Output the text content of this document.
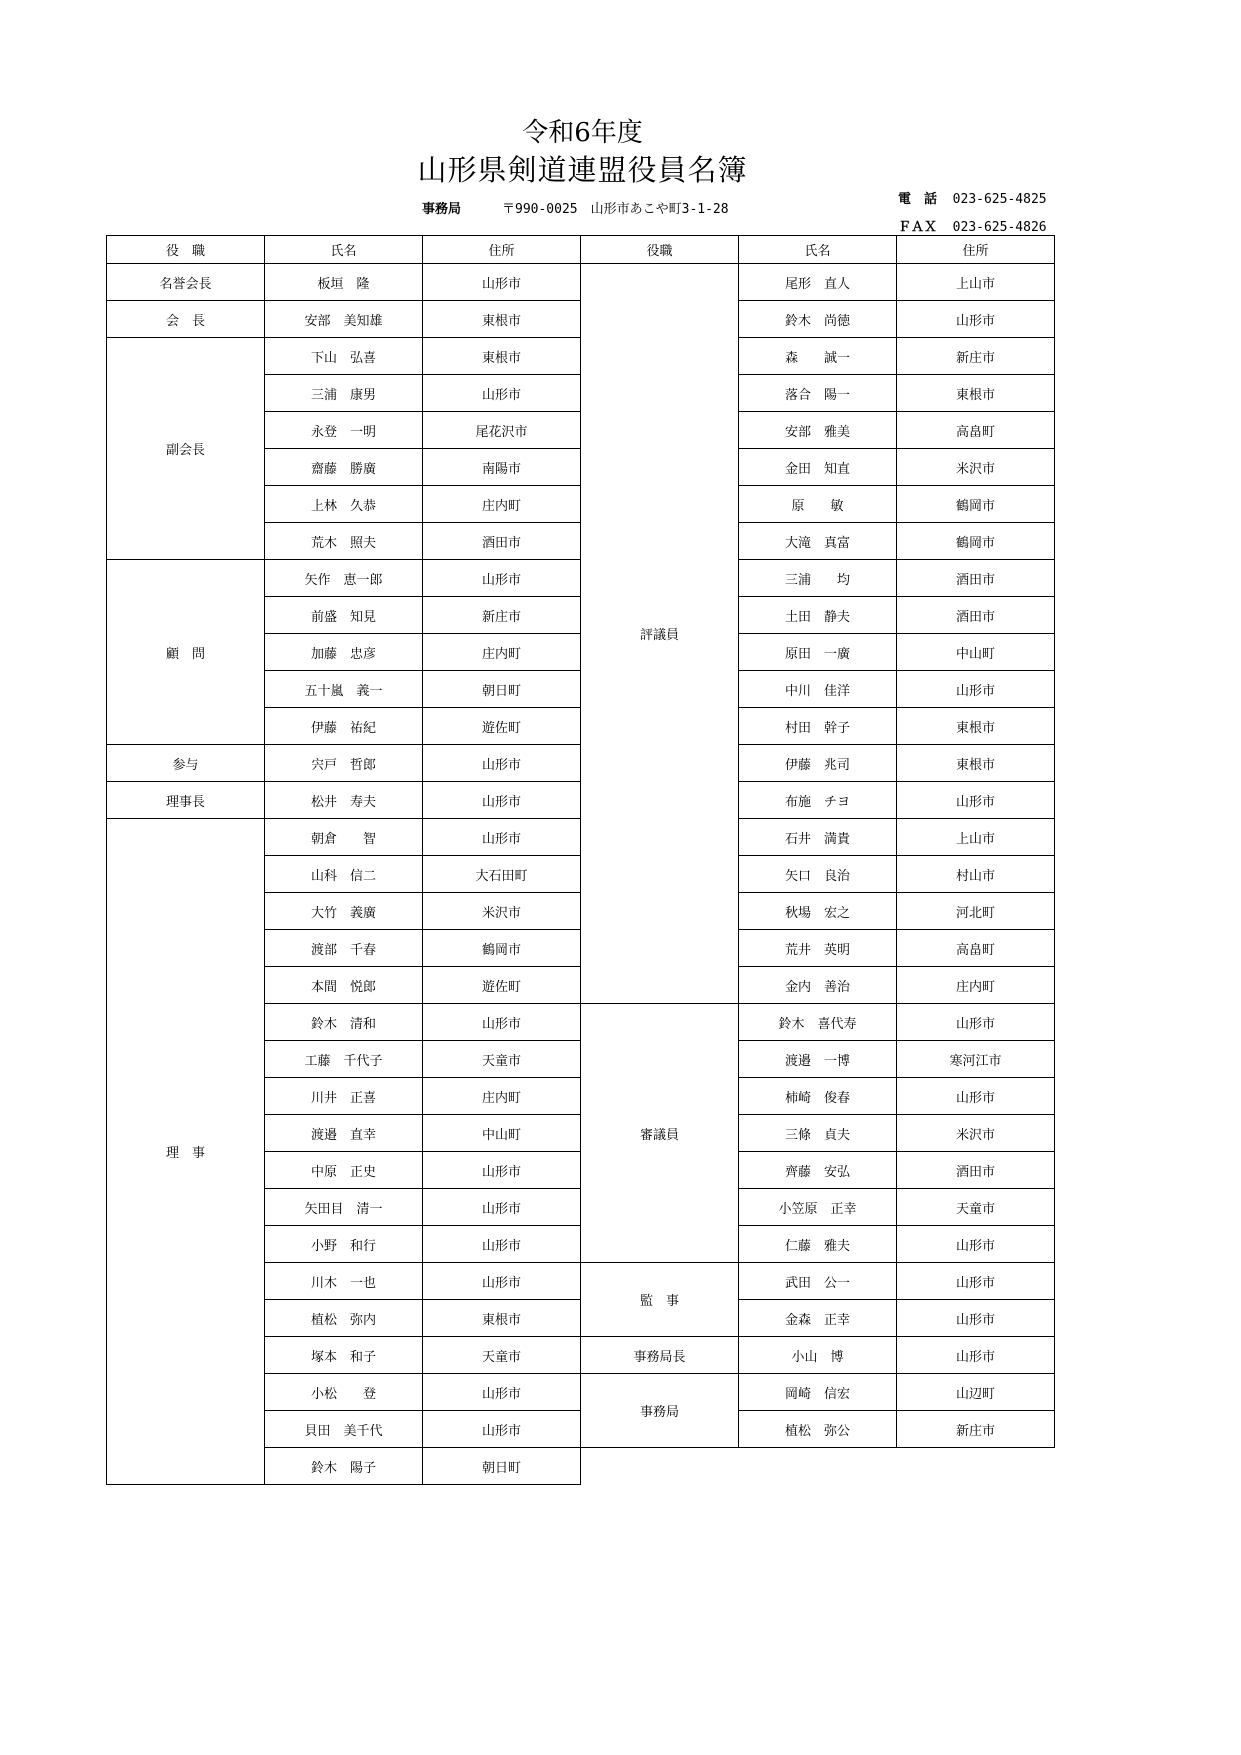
令和6年度
山形県剣道連盟役員名簿
事務局	〒990-0025　山形市あこや町3-1-28
電　話 023-625-4825
ＦＡＸ 023-625-4826
役　職	氏名	住所	役職	氏名	住所
名誉会長	板垣　隆	山形市	評議員	尾形　直人	上山市
会　長	安部　美知雄	東根市		鈴木　尚徳	山形市
副会長	下山　弘喜	東根市		森　　誠一	新庄市
	三浦　康男	山形市		落合　陽一	東根市
	永登　一明	尾花沢市		安部　雅美	高畠町
	齋藤　勝廣	南陽市		金田　知直	米沢市
	上林　久恭	庄内町		原　　敏	鶴岡市
	荒木　照夫	酒田市		大滝　真富	鶴岡市
顧　問	矢作　恵一郎	山形市		三浦　　均	酒田市
	前盛　知見	新庄市		土田　静夫	酒田市
	加藤　忠彦	庄内町		原田　一廣	中山町
	五十嵐　義一	朝日町		中川　佳洋	山形市
	伊藤　祐紀	遊佐町		村田　幹子	東根市
参与	宍戸　哲郎	山形市		伊藤　兆司	東根市
理事長	松井　寿夫	山形市		布施　チヨ	山形市
理　事	朝倉　　智	山形市		石井　満貴	上山市
	山科　信二	大石田町		矢口　良治	村山市
	大竹　義廣	米沢市		秋場　宏之	河北町
	渡部　千春	鶴岡市		荒井　英明	高畠町
	本間　悦郎	遊佐町		金内　善治	庄内町
	鈴木　清和	山形市	審議員	鈴木　喜代寿	山形市
	工藤　千代子	天童市		渡邉　一博	寒河江市
	川井　正喜	庄内町		柿崎　俊春	山形市
	渡邉　直幸	中山町		三條　貞夫	米沢市
	中原　正史	山形市		齊藤　安弘	酒田市
	矢田目　清一	山形市		小笠原　正幸	天童市
	小野　和行	山形市		仁藤　雅夫	山形市
	川木　一也	山形市	監　事	武田　公一	山形市
	植松　弥内	東根市		金森　正幸	山形市
	塚本　和子	天童市	事務局長	小山　博	山形市
	小松　　登	山形市	事務局	岡崎　信宏	山辺町
	貝田　美千代	山形市		植松　弥公	新庄市
	鈴木　陽子	朝日町			
